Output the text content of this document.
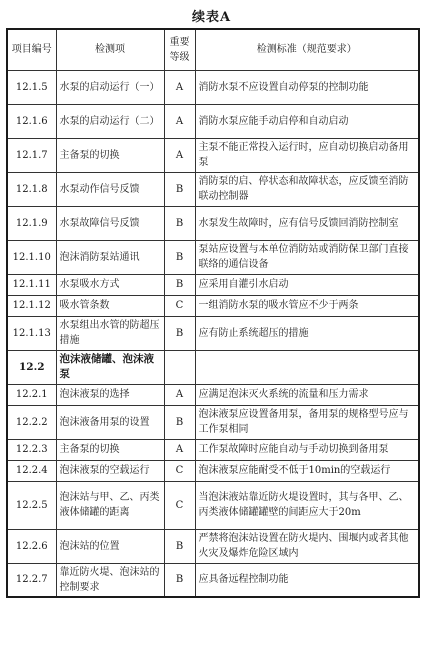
续表A
项目编号	检测项	重要等级	检测标准（规范要求）
12.1.5	水泵的启动运行（一）	A	消防水泵不应设置自动停泵的控制功能
12.1.6	水泵的启动运行（二）	A	消防水泵应能手动启停和自动启动
12.1.7	主备泵的切换	A	主泵不能正常投入运行时，应自动切换启动备用泵
12.1.8	水泵动作信号反馈	B	消防泵的启、停状态和故障状态，应反馈至消防联动控制器
12.1.9	水泵故障信号反馈	B	水泵发生故障时，应有信号反馈回消防控制室
12.1.10	泡沫消防泵站通讯	B	泵站应设置与本单位消防站或消防保卫部门直接联络的通信设备
12.1.11	水泵吸水方式	B	应采用自灌引水启动
12.1.12	吸水管条数	C	一组消防水泵的吸水管应不少于两条
12.1.13	水泵组出水管的防超压措施	B	应有防止系统超压的措施
12.2	泡沫液储罐、泡沫液泵		
12.2.1	泡沫液泵的选择	A	应满足泡沫灭火系统的流量和压力需求
12.2.2	泡沫液备用泵的设置	B	泡沫液泵应设置备用泵，备用泵的规格型号应与工作泵相同
12.2.3	主备泵的切换	A	工作泵故障时应能自动与手动切换到备用泵
12.2.4	泡沫液泵的空载运行	C	泡沫液泵应能耐受不低于10min的空载运行
12.2.5	泡沫站与甲、乙、丙类液体储罐的距离	C	当泡沫液站靠近防火堤设置时，其与各甲、乙、丙类液体储罐罐壁的间距应大于20m
12.2.6	泡沫站的位置	B	严禁将泡沫站设置在防火堤内、围堰内或者其他火灾及爆炸危险区域内
12.2.7	靠近防火堤、泡沫站的控制要求	B	应具备远程控制功能
